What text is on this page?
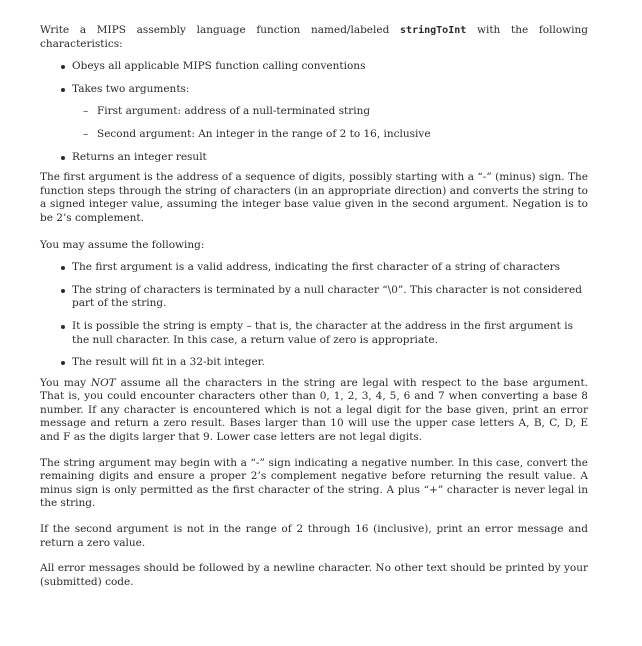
Write a MIPS assembly language function named/labeled stringToInt with the following characteristics:

Obeys all applicable MIPS function calling conventions
Takes two arguments:
– First argument: address of a null-terminated string
– Second argument: An integer in the range of 2 to 16, inclusive
Returns an integer result

The first argument is the address of a sequence of digits, possibly starting with a “-” (minus) sign. The function steps through the string of characters (in an appropriate direction) and converts the string to a signed integer value, assuming the integer base value given in the second argument. Negation is to be 2’s complement.

You may assume the following:

The first argument is a valid address, indicating the first character of a string of characters
The string of characters is terminated by a null character “\0”. This character is not considered part of the string.
It is possible the string is empty – that is, the character at the address in the first argument is the null character. In this case, a return value of zero is appropriate.
The result will fit in a 32-bit integer.

You may NOT assume all the characters in the string are legal with respect to the base argument. That is, you could encounter characters other than 0, 1, 2, 3, 4, 5, 6 and 7 when converting a base 8 number. If any character is encountered which is not a legal digit for the base given, print an error message and return a zero result. Bases larger than 10 will use the upper case letters A, B, C, D, E and F as the digits larger that 9. Lower case letters are not legal digits.

The string argument may begin with a “-” sign indicating a negative number. In this case, convert the remaining digits and ensure a proper 2’s complement negative before returning the result value. A minus sign is only permitted as the first character of the string. A plus “+” character is never legal in the string.

If the second argument is not in the range of 2 through 16 (inclusive), print an error message and return a zero value.

All error messages should be followed by a newline character. No other text should be printed by your (submitted) code.
